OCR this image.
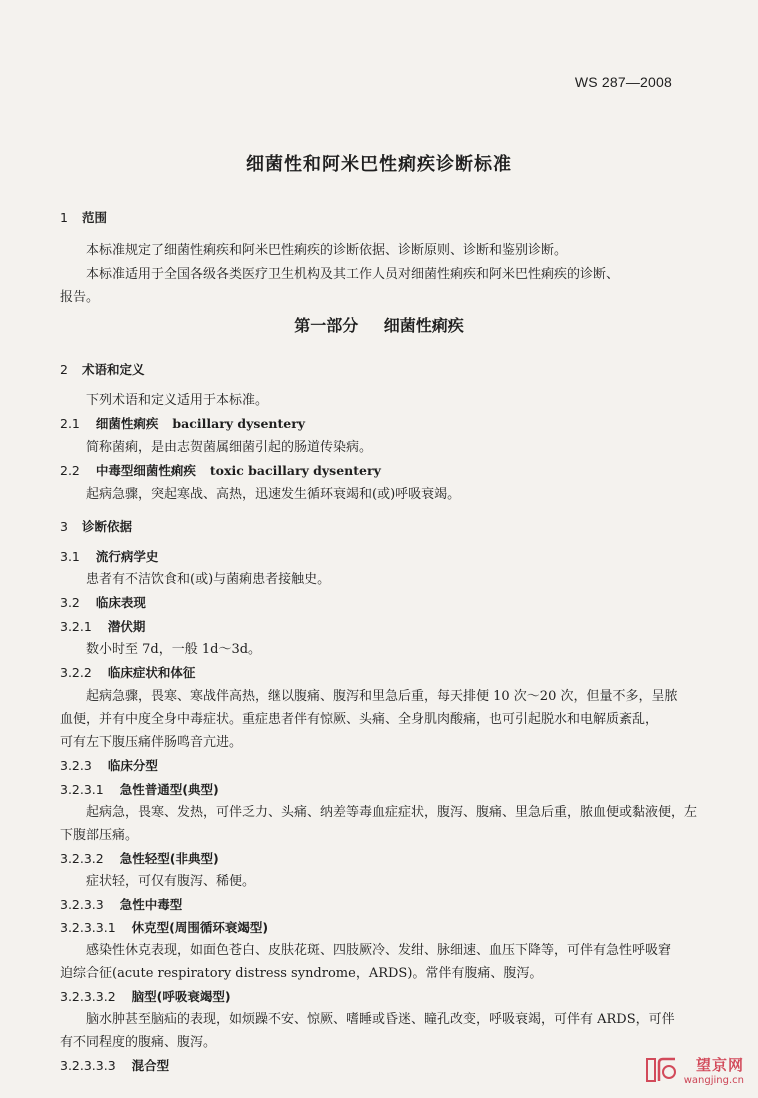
WS 287—2008
细菌性和阿米巴性痢疾诊断标准
第一部分 细菌性痢疾
1 范围
本标准规定了细菌性痢疾和阿米巴性痢疾的诊断依据、诊断原则、诊断和鉴别诊断。
本标准适用于全国各级各类医疗卫生机构及其工作人员对细菌性痢疾和阿米巴性痢疾的诊断、
报告。
2 术语和定义
下列术语和定义适用于本标准。
2.1 细菌性痢疾 bacillary dysentery
简称菌痢，是由志贺菌属细菌引起的肠道传染病。
2.2 中毒型细菌性痢疾 toxic bacillary dysentery
起病急骤，突起寒战、高热，迅速发生循环衰竭和(或)呼吸衰竭。
3 诊断依据
3.1 流行病学史
患者有不洁饮食和(或)与菌痢患者接触史。
3.2 临床表现
3.2.1 潜伏期
数小时至 7d，一般 1d～3d。
3.2.2 临床症状和体征
起病急骤，畏寒、寒战伴高热，继以腹痛、腹泻和里急后重，每天排便 10 次～20 次，但量不多，呈脓
血便，并有中度全身中毒症状。重症患者伴有惊厥、头痛、全身肌肉酸痛，也可引起脱水和电解质紊乱，
可有左下腹压痛伴肠鸣音亢进。
3.2.3 临床分型
3.2.3.1 急性普通型(典型)
起病急，畏寒、发热，可伴乏力、头痛、纳差等毒血症症状，腹泻、腹痛、里急后重，脓血便或黏液便，左
下腹部压痛。
3.2.3.2 急性轻型(非典型)
症状轻，可仅有腹泻、稀便。
3.2.3.3 急性中毒型
3.2.3.3.1 休克型(周围循环衰竭型)
感染性休克表现，如面色苍白、皮肤花斑、四肢厥冷、发绀、脉细速、血压下降等，可伴有急性呼吸窘
迫综合征(acute respiratory distress syndrome，ARDS)。常伴有腹痛、腹泻。
3.2.3.3.2 脑型(呼吸衰竭型)
脑水肿甚至脑疝的表现，如烦躁不安、惊厥、嗜睡或昏迷、瞳孔改变，呼吸衰竭，可伴有 ARDS，可伴
有不同程度的腹痛、腹泻。
3.2.3.3.3 混合型
	望京网
wangjing.cn
